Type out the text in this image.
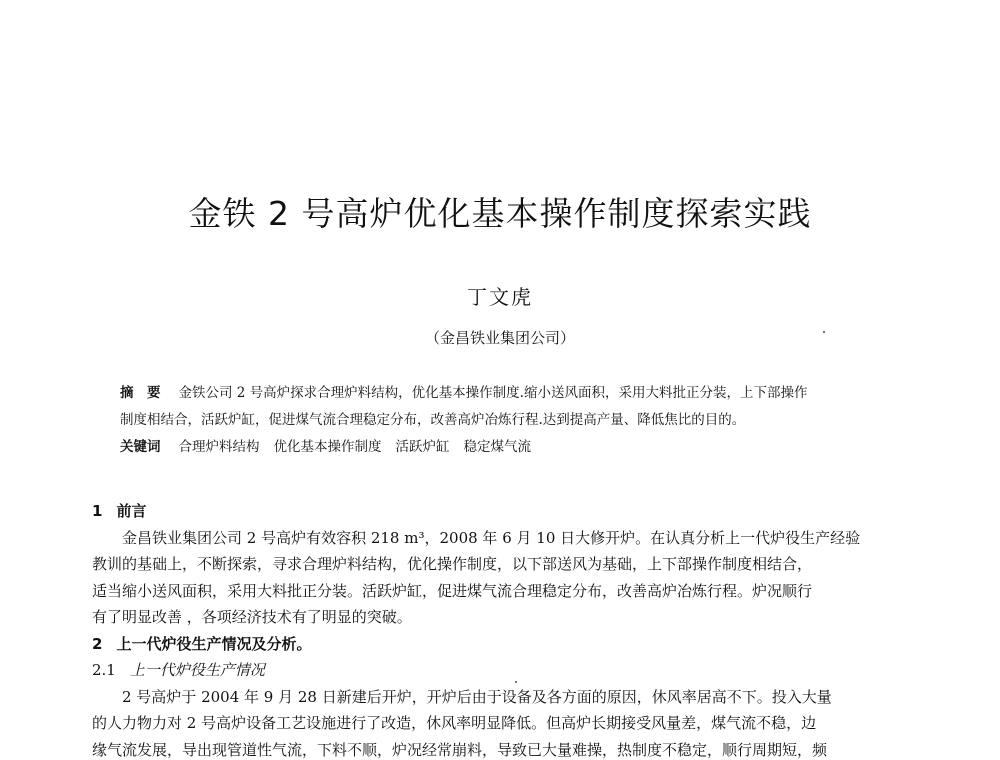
金铁 2 号高炉优化基本操作制度探索实践
丁文虎
（金昌铁业集团公司）
摘　要 金铁公司 2 号高炉探求合理炉料结构，优化基本操作制度.缩小送风面积，采用大料批正分装，上下部操作
制度相结合，活跃炉缸，促进煤气流合理稳定分布，改善高炉冶炼行程.达到提高产量、降低焦比的目的。
关键词 合理炉料结构 优化基本操作制度 活跃炉缸 稳定煤气流
1 前言
金昌铁业集团公司 2 号高炉有效容积 218 m³，2008 年 6 月 10 日大修开炉。在认真分析上一代炉役生产经验
教训的基础上，不断探索，寻求合理炉料结构，优化操作制度，以下部送风为基础，上下部操作制度相结合，
适当缩小送风面积，采用大料批正分装。活跃炉缸，促进煤气流合理稳定分布，改善高炉冶炼行程。炉况顺行
有了明显改善 ，各项经济技术有了明显的突破。
2 上一代炉役生产情况及分析。
2.1 上一代炉役生产情况
2 号高炉于 2004 年 9 月 28 日新建后开炉，开炉后由于设备及各方面的原因，休风率居高不下。投入大量
的人力物力对 2 号高炉设备工艺设施进行了改造，休风率明显降低。但高炉长期接受风量差，煤气流不稳，边
缘气流发展，导出现管道性气流，下料不顺，炉况经常崩料，导致已大量难操，热制度不稳定，顺行周期短，频
